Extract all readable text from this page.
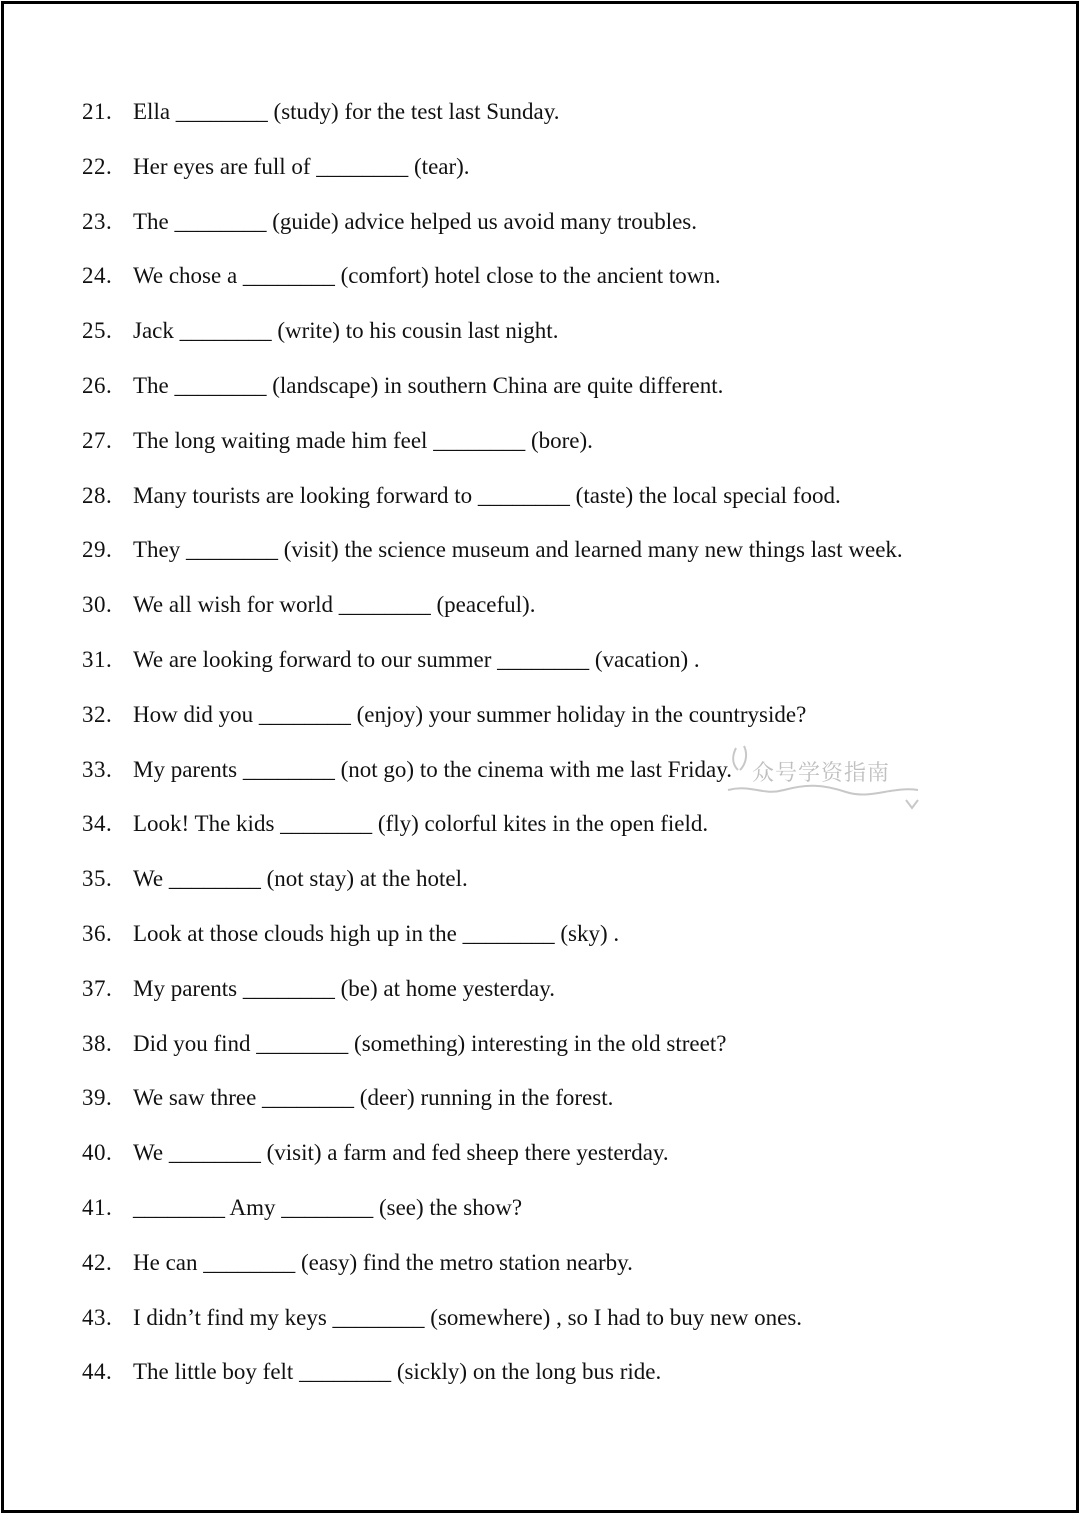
21. Ella ________ (study) for the test last Sunday.
22. Her eyes are full of ________ (tear).
23. The ________ (guide) advice helped us avoid many troubles.
24. We chose a ________ (comfort) hotel close to the ancient town.
25. Jack ________ (write) to his cousin last night.
26. The ________ (landscape) in southern China are quite different.
27. The long waiting made him feel ________ (bore).
28. Many tourists are looking forward to ________ (taste) the local special food.
29. They ________ (visit) the science museum and learned many new things last week.
30. We all wish for world ________ (peaceful).
31. We are looking forward to our summer ________ (vacation) .
32. How did you ________ (enjoy) your summer holiday in the countryside?
33. My parents ________ (not go) to the cinema with me last Friday.
34. Look! The kids ________ (fly) colorful kites in the open field.
35. We ________ (not stay) at the hotel.
36. Look at those clouds high up in the ________ (sky) .
37. My parents ________ (be) at home yesterday.
38. Did you find ________ (something) interesting in the old street?
39. We saw three ________ (deer) running in the forest.
40. We ________ (visit) a farm and fed sheep there yesterday.
41. ________ Amy ________ (see) the show?
42. He can ________ (easy) find the metro station nearby.
43. I didn’t find my keys ________ (somewhere) , so I had to buy new ones.
44. The little boy felt ________ (sickly) on the long bus ride.
众号学资指南
